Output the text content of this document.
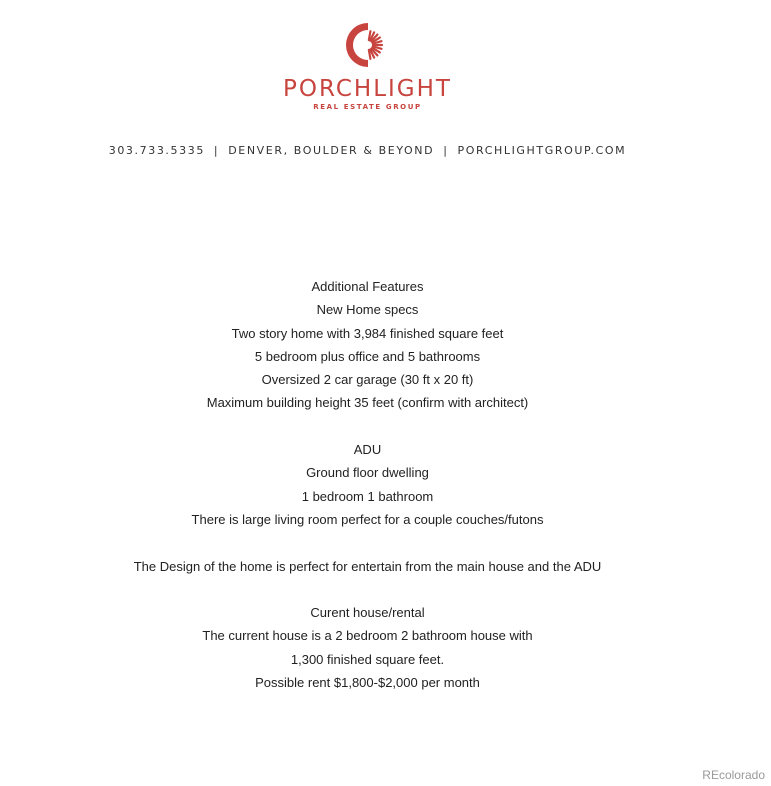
PORCHLIGHT
REAL ESTATE GROUP
303.733.5335 | DENVER, BOULDER & BEYOND | PORCHLIGHTGROUP.COM
Additional Features
New Home specs
Two story home with 3,984 finished square feet
5 bedroom plus office and 5 bathrooms
Oversized 2 car garage (30 ft x 20 ft)
Maximum building height 35 feet (confirm with architect)
ADU
Ground floor dwelling
1 bedroom 1 bathroom
There is large living room perfect for a couple couches/futons
The Design of the home is perfect for entertain from the main house and the ADU
Curent house/rental
The current house is a 2 bedroom 2 bathroom house with
1,300 finished square feet.
Possible rent $1,800-$2,000 per month
REcolorado
